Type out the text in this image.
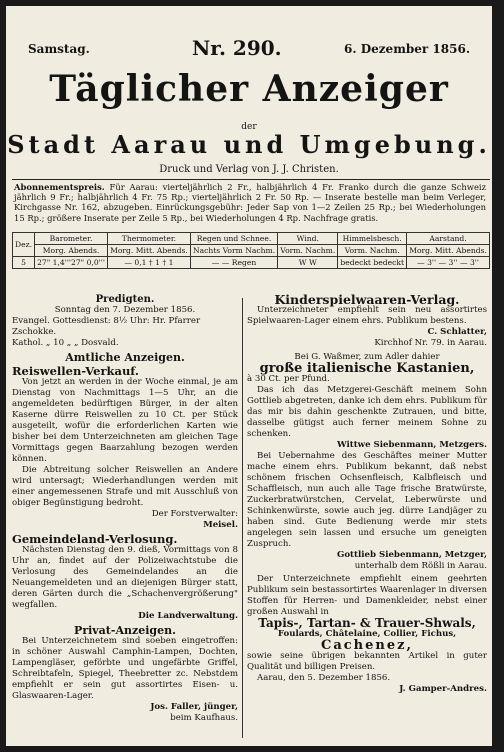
Samstag.	Nr. 290.	6. Dezember 1856.
Täglicher Anzeiger
der
Stadt Aarau und Umgebung.
Druck und Verlag von J. J. Christen.
Abonnementspreis. Für Aarau: vierteljährlich 2 Fr., halbjährlich 4 Fr. Franko durch die ganze Schweiz jährlich 9 Fr.; halbjährlich 4 Fr. 75 Rp.; vierteljährlich 2 Fr. 50 Rp. — Inserate bestelle man beim Verleger, Kirchgasse Nr. 162, abzugeben. Einrückungsgebühr: Jeder Sap von 1—2 Zeilen 25 Rp.; bei Wiederholungen 15 Rp.; größere Inserate per Zeile 5 Rp., bei Wiederholungen 4 Rp. Nachfrage gratis.
Dez.	Barometer.	Thermometer.	Regen und Schnee.	Wind.	Himmelsbesch.	Aarstand.
	Morg. Abends.	Morg. Mitt. Abends.	Nachts Vorm Nachm.	Vorm. Nachm.	Vorm. Nachm.	Morg. Mitt. Abends.
5	27" 1,4'''27" 0,0'''	— 0,1 † 1 † 1	— — Regen	W W	bedeckt bedeckt	— 3'' — 3'' — 3''
Predigten.
Sonntag den 7. Dezember 1856.
Evangel. Gottesdienst: 8½ Uhr: Hr. Pfarrer Zschokke.
Kathol. „ 10 „ „ Dosvald.
Amtliche Anzeigen.
Reiswellen-Verkauf.
Von jetzt an werden in der Woche einmal, je am Dienstag von Nachmittags 1—5 Uhr, an die angemeldeten bedürftigen Bürger, in der alten Kaserne dürre Reiswellen zu 10 Ct. per Stück ausgeteilt, wofür die erforderlichen Karten wie bisher bei dem Unterzeichneten am gleichen Tage Vormittags gegen Baarzahlung bezogen werden können.
Die Abtreitung solcher Reiswellen an Andere wird untersagt; Wiederhandlungen werden mit einer angemessenen Strafe und mit Ausschluß von obiger Begünstigung bedroht.
Der Forstverwalter:
Meisel.
Gemeindeland-Verlosung.
Nächsten Dienstag den 9. dieß, Vormittags von 8 Uhr an, findet auf der Polizeiwachtstube die Verlosung des Gemeindelandes an die Neuangemeldeten und an diejenigen Bürger statt, deren Gärten durch die „Schachenvergrößerung" wegfallen.
Die Landverwaltung.
Privat-Anzeigen.
Bei Unterzeichnetem sind soeben eingetroffen: in schöner Auswahl Camphin-Lampen, Dochten, Lampengläser, geförbte und ungefärbte Griffel, Schreibtafeln, Spiegel, Theebretter zc. Nebstdem empfiehlt er sein gut assortirtes Eisen- u. Glaswaaren-Lager.
Jos. Faller, jünger,
beim Kaufhaus.
Kinderspielwaaren-Verlag.
Unterzeichneter empfiehlt sein neu assortirtes Spielwaaren-Lager einem ehrs. Publikum bestens.
C. Schlatter,
Kirchhof Nr. 79. in Aarau.
Bei G. Waßmer, zum Adler dahier
große italienische Kastanien,
à 30 Ct. per Pfund.
Das ich das Metzgerei-Geschäft meinem Sohn Gottlieb abgetreten, danke ich dem ehrs. Publikum für das mir bis dahin geschenkte Zutrauen, und bitte, dasselbe gütigst auch ferner meinem Sohne zu schenken.
Wittwe Siebenmann, Metzgers.
Bei Uebernahme des Geschäftes meiner Mutter mache einem ehrs. Publikum bekannt, daß nebst schönem frischen Ochsenfleisch, Kalbfleisch und Schaffleisch, nun auch alle Tage frische Bratwürste, Zuckerbratwürstchen, Cervelat, Leberwürste und Schinkenwürste, sowie auch jeg. dürre Landjäger zu haben sind. Gute Bedienung werde mir stets angelegen sein lassen und ersuche um geneigten Zuspruch.
Gottlieb Siebenmann, Metzger,
unterhalb dem Rößli in Aarau.
Der Unterzeichnete empfiehlt einem geehrten Publikum sein bestassortirtes Waarenlager in diversen Stoffen für Herren- und Damenkleider, nebst einer großen Auswahl in
Tapis-, Tartan- & Trauer-Shwals,
Foulards, Châtelaine, Collier, Fichus,
Cachenez,
sowie seine übrigen bekannten Artikel in guter Qualität und billigen Preisen.
Aarau, den 5. Dezember 1856.
J. Gamper-Andres.
